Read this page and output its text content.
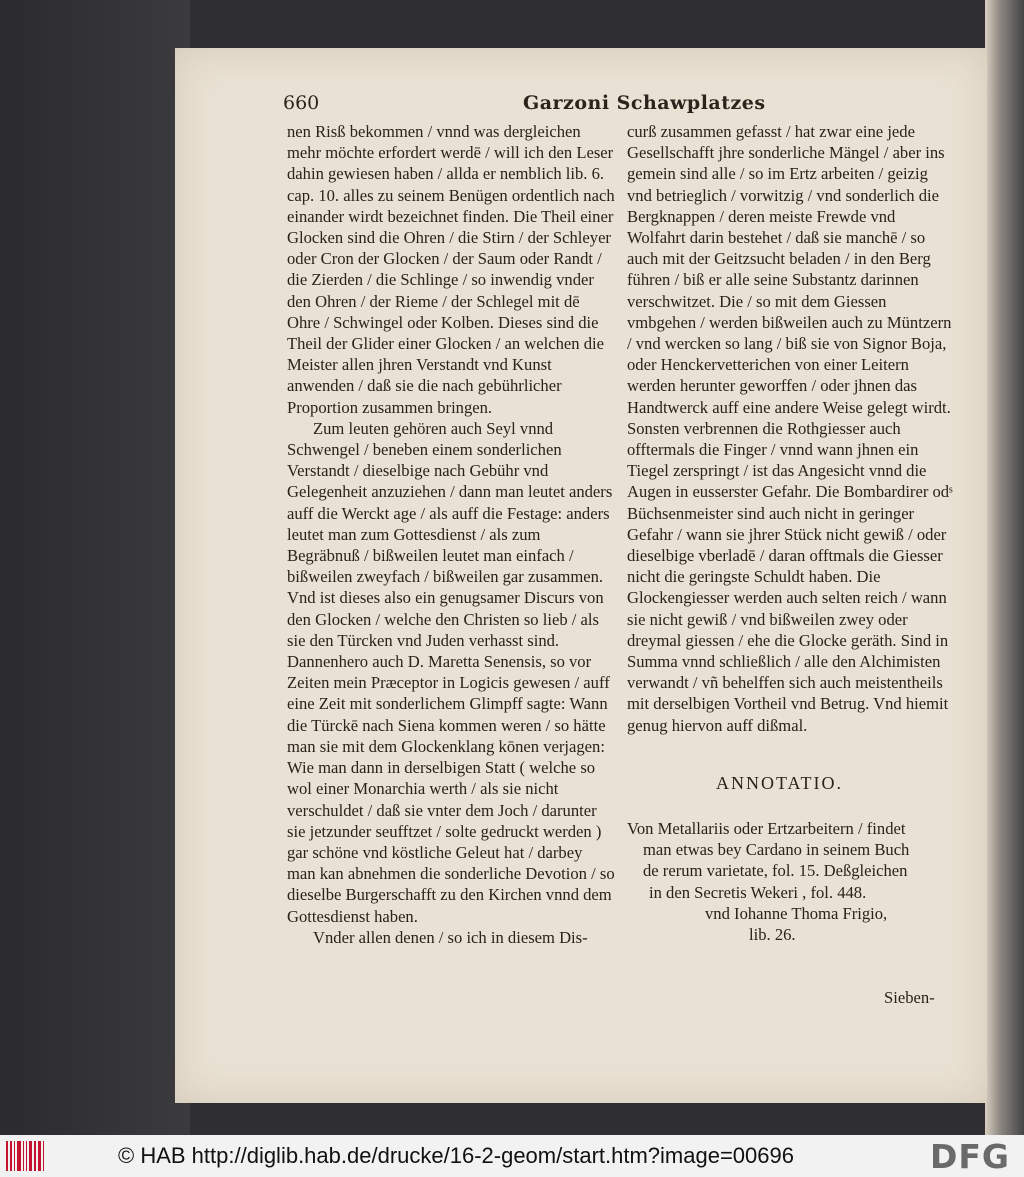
660	Garzoni Schawplatzes

nen Risß bekommen / vnnd was dergleichen mehr möchte erfordert werdē / will ich den Leser dahin gewiesen haben / allda er nemblich lib. 6. cap. 10. alles zu seinem Benügen ordentlich nach einander wirdt bezeichnet finden. Die Theil einer Glocken sind die Ohren / die Stirn / der Schleyer oder Cron der Glocken / der Saum oder Randt / die Zierden / die Schlinge / so inwendig vnder den Ohren / der Rieme / der Schlegel mit dē Ohre / Schwingel oder Kolben. Dieses sind die Theil der Glider einer Glocken / an welchen die Meister allen jhren Verstandt vnd Kunst anwenden / daß sie die nach gebührlicher Proportion zusammen bringen.

Zum leuten gehören auch Seyl vnnd Schwengel / beneben einem sonderlichen Verstandt / dieselbige nach Gebühr vnd Gelegenheit anzuziehen / dann man leutet anders auff die Werckt age / als auff die Festage: anders leutet man zum Gottesdienst / als zum Begräbnuß / bißweilen leutet man einfach / bißweilen zweyfach / bißweilen gar zusammen. Vnd ist dieses also ein genugsamer Discurs von den Glocken / welche den Christen so lieb / als sie den Türcken vnd Juden verhasst sind. Dannenhero auch D. Maretta Senensis, so vor Zeiten mein Præceptor in Logicis gewesen / auff eine Zeit mit sonderlichem Glimpff sagte: Wann die Türckē nach Siena kommen weren / so hätte man sie mit dem Glockenklang kōnen verjagen: Wie man dann in derselbigen Statt ( welche so wol einer Monarchia werth / als sie nicht verschuldet / daß sie vnter dem Joch / darunter sie jetzunder seufftzet / solte gedruckt werden ) gar schöne vnd köstliche Geleut hat / darbey man kan abnehmen die sonderliche Devotion / so dieselbe Burgerschafft zu den Kirchen vnnd dem Gottesdienst haben.

Vnder allen denen / so ich in diesem Dis-

curß zusammen gefasst / hat zwar eine jede Gesellschafft jhre sonderliche Mängel / aber ins gemein sind alle / so im Ertz arbeiten / geizig vnd betrieglich / vorwitzig / vnd sonderlich die Bergknappen / deren meiste Frewde vnd Wolfahrt darin bestehet / daß sie manchē / so auch mit der Geitzsucht beladen / in den Berg führen / biß er alle seine Substantz darinnen verschwitzet. Die / so mit dem Giessen vmbgehen / werden bißweilen auch zu Müntzern / vnd wercken so lang / biß sie von Signor Boja, oder Henckervetterichen von einer Leitern werden herunter geworffen / oder jhnen das Handtwerck auff eine andere Weise gelegt wirdt. Sonsten verbrennen die Rothgiesser auch offtermals die Finger / vnnd wann jhnen ein Tiegel zerspringt / ist das Angesicht vnnd die Augen in eusserster Gefahr. Die Bombardirer odˢ Büchsenmeister sind auch nicht in geringer Gefahr / wann sie jhrer Stück nicht gewiß / oder dieselbige vberladē / daran offtmals die Giesser nicht die geringste Schuldt haben. Die Glockengiesser werden auch selten reich / wann sie nicht gewiß / vnd bißweilen zwey oder dreymal giessen / ehe die Glocke geräth. Sind in Summa vnnd schließlich / alle den Alchimisten verwandt / vñ behelffen sich auch meistentheils mit derselbigen Vortheil vnd Betrug. Vnd hiemit genug hiervon auff dißmal.

ANNOTATIO.
Von Metallariis oder Ertzarbeitern / findet
man etwas bey Cardano in seinem Buch
de rerum varietate, fol. 15. Deßgleichen
in den Secretis Wekeri , fol. 448.
vnd Iohanne Thoma Frigio,
lib. 26.
Sieben-
© HAB http://diglib.hab.de/drucke/16-2-geom/start.htm?image=00696	DFG
